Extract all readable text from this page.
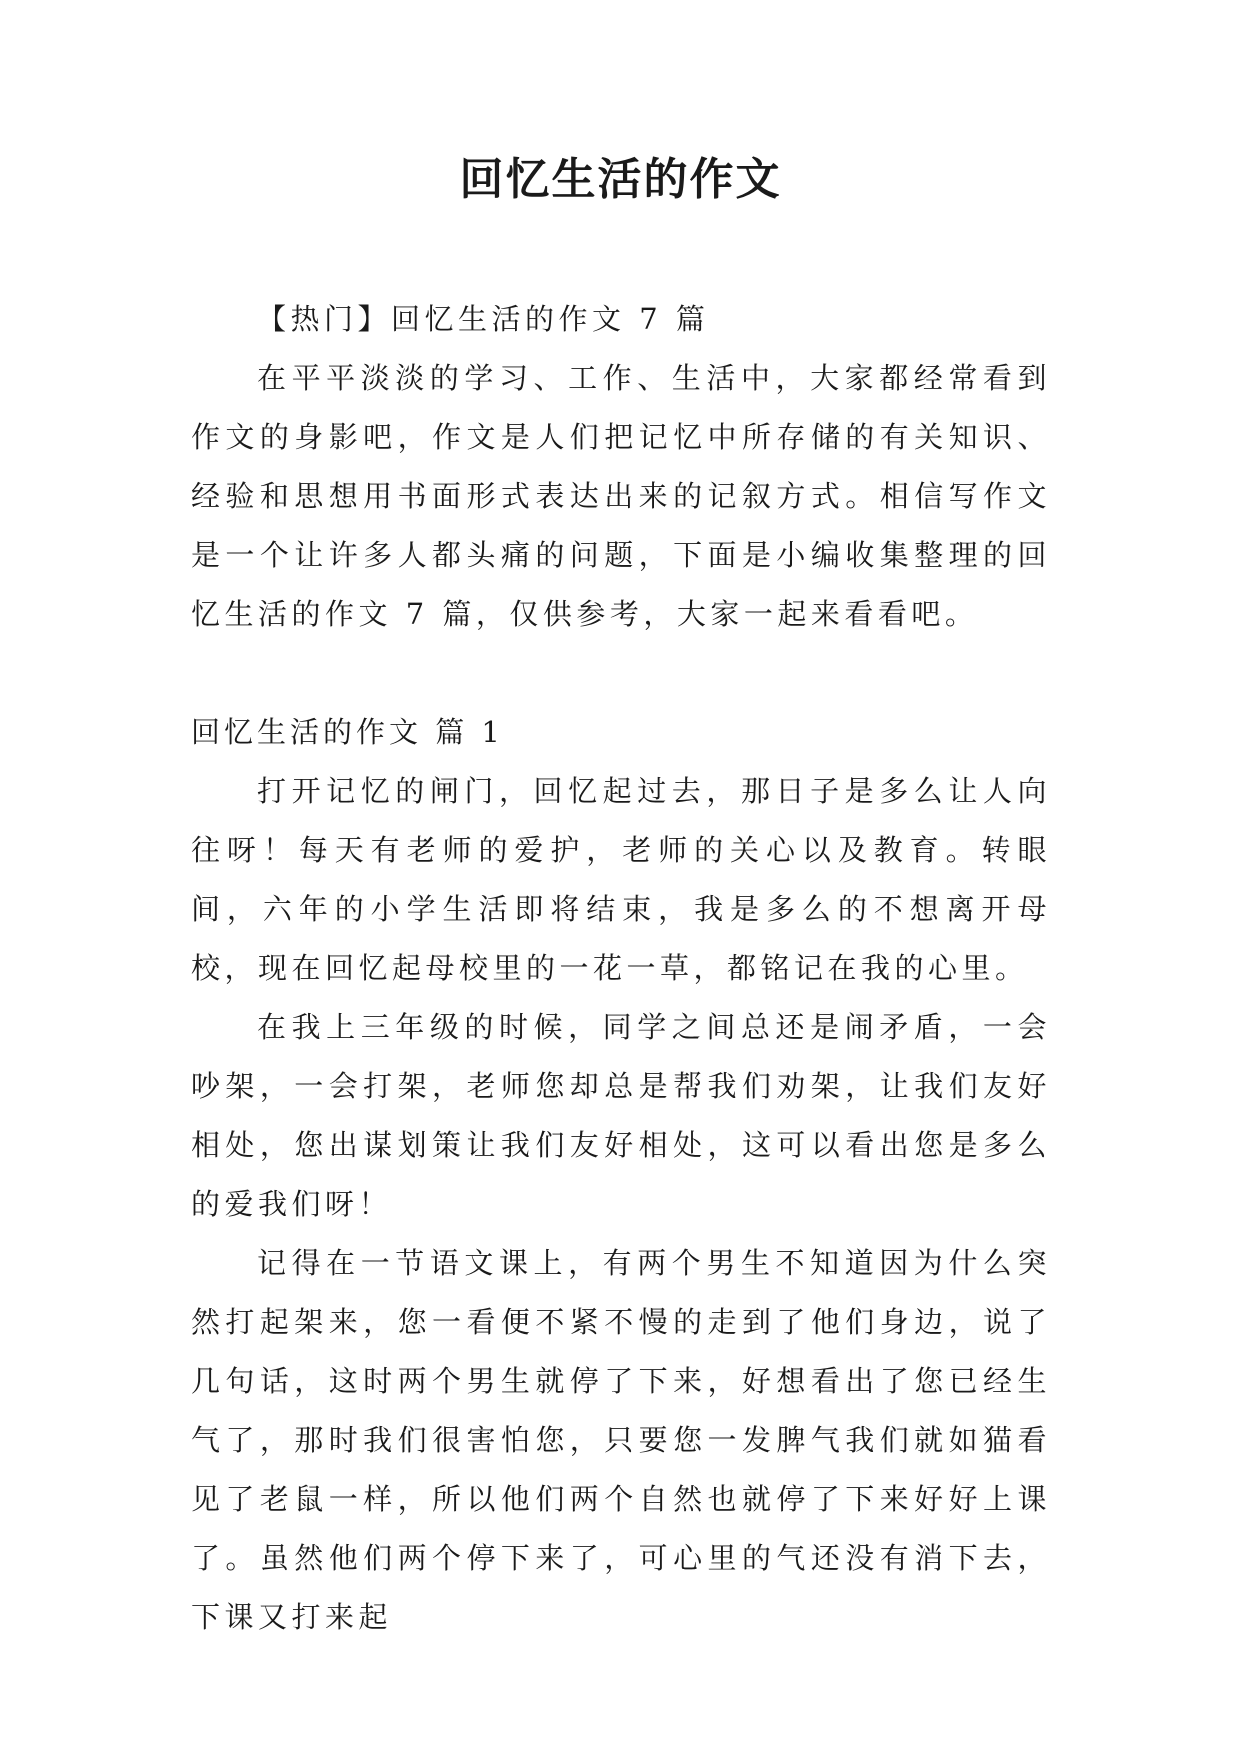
回忆生活的作文

【热门】回忆生活的作文 7 篇

在平平淡淡的学习、工作、生活中，大家都经常看到作文的身影吧，作文是人们把记忆中所存储的有关知识、经验和思想用书面形式表达出来的记叙方式。相信写作文是一个让许多人都头痛的问题，下面是小编收集整理的回忆生活的作文 7 篇，仅供参考，大家一起来看看吧。

回忆生活的作文 篇 1

打开记忆的闸门，回忆起过去，那日子是多么让人向往呀！每天有老师的爱护，老师的关心以及教育。转眼间，六年的小学生活即将结束，我是多么的不想离开母校，现在回忆起母校里的一花一草，都铭记在我的心里。

在我上三年级的时候，同学之间总还是闹矛盾，一会吵架，一会打架，老师您却总是帮我们劝架，让我们友好相处，您出谋划策让我们友好相处，这可以看出您是多么的爱我们呀！

记得在一节语文课上，有两个男生不知道因为什么突然打起架来，您一看便不紧不慢的走到了他们身边，说了几句话，这时两个男生就停了下来，好想看出了您已经生气了，那时我们很害怕您，只要您一发脾气我们就如猫看见了老鼠一样，所以他们两个自然也就停了下来好好上课了。虽然他们两个停下来了，可心里的气还没有消下去，下课又打来起
